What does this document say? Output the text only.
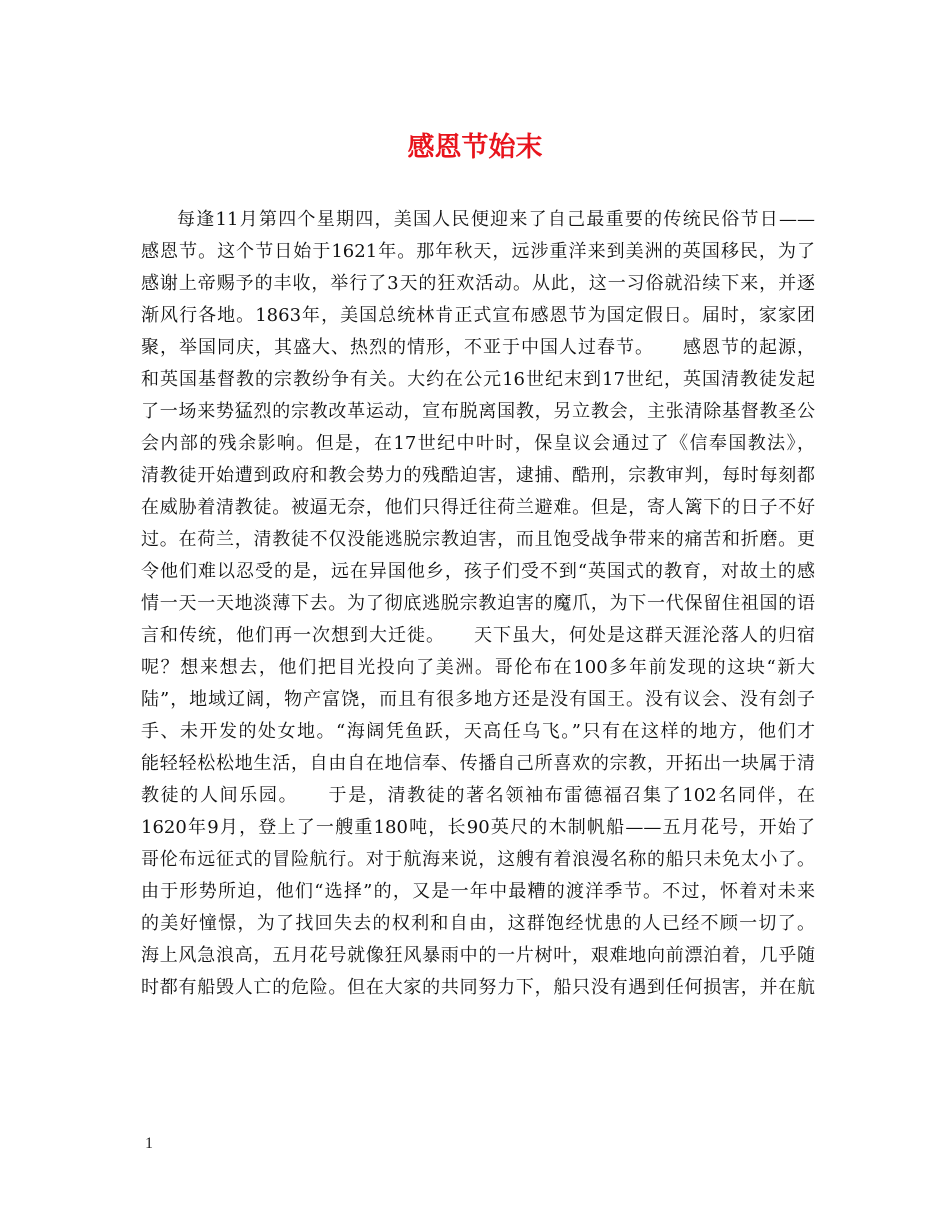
感恩节始末
每逢11月第四个星期四，美国人民便迎来了自己最重要的传统民俗节日——
感恩节。这个节日始于1621年。那年秋天，远涉重洋来到美洲的英国移民，为了
感谢上帝赐予的丰收，举行了3天的狂欢活动。从此，这一习俗就沿续下来，并逐
渐风行各地。1863年，美国总统林肯正式宣布感恩节为国定假日。届时，家家团
聚，举国同庆，其盛大、热烈的情形，不亚于中国人过春节。　　感恩节的起源，
和英国基督教的宗教纷争有关。大约在公元16世纪末到17世纪，英国清教徒发起
了一场来势猛烈的宗教改革运动，宣布脱离国教，另立教会，主张清除基督教圣公
会内部的残余影响。但是，在17世纪中叶时，保皇议会通过了《信奉国教法》，
清教徒开始遭到政府和教会势力的残酷迫害，逮捕、酷刑，宗教审判，每时每刻都
在威胁着清教徒。被逼无奈，他们只得迁往荷兰避难。但是，寄人篱下的日子不好
过。在荷兰，清教徒不仅没能逃脱宗教迫害，而且饱受战争带来的痛苦和折磨。更
令他们难以忍受的是，远在异国他乡，孩子们受不到“英国式的教育，对故土的感
情一天一天地淡薄下去。为了彻底逃脱宗教迫害的魔爪，为下一代保留住祖国的语
言和传统，他们再一次想到大迁徙。　　天下虽大，何处是这群天涯沦落人的归宿
呢？想来想去，他们把目光投向了美洲。哥伦布在100多年前发现的这块“新大
陆”，地域辽阔，物产富饶，而且有很多地方还是没有国王。没有议会、没有刽子
手、未开发的处女地。“海阔凭鱼跃，天高任乌飞。”只有在这样的地方，他们才
能轻轻松松地生活，自由自在地信奉、传播自己所喜欢的宗教，开拓出一块属于清
教徒的人间乐园。　　于是，清教徒的著名领袖布雷德福召集了102名同伴，在
1620年9月，登上了一艘重180吨，长90英尺的木制帆船——五月花号，开始了
哥伦布远征式的冒险航行。对于航海来说，这艘有着浪漫名称的船只未免太小了。
由于形势所迫，他们“选择”的，又是一年中最糟的渡洋季节。不过，怀着对未来
的美好憧憬，为了找回失去的权利和自由，这群饱经忧患的人已经不顾一切了。
海上风急浪高，五月花号就像狂风暴雨中的一片树叶，艰难地向前漂泊着，几乎随
时都有船毁人亡的危险。但在大家的共同努力下，船只没有遇到任何损害，并在航
1
